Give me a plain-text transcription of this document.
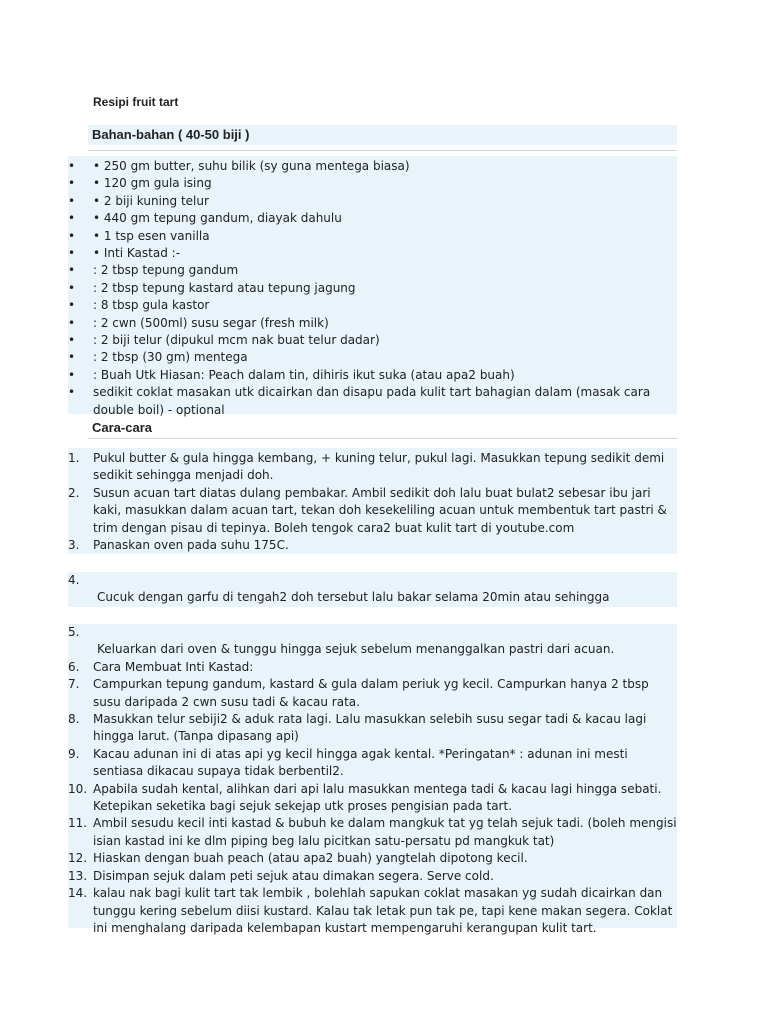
Resipi fruit tart
Bahan-bahan ( 40-50 biji )
•	• 250 gm butter, suhu bilik (sy guna mentega biasa)
•	• 120 gm gula ising
•	• 2 biji kuning telur
•	• 440 gm tepung gandum, diayak dahulu
•	• 1 tsp esen vanilla
•	• Inti Kastad :-
•	: 2 tbsp tepung gandum
•	: 2 tbsp tepung kastard atau tepung jagung
•	: 8 tbsp gula kastor
•	: 2 cwn (500ml) susu segar (fresh milk)
•	: 2 biji telur (dipukul mcm nak buat telur dadar)
•	: 2 tbsp (30 gm) mentega
•	: Buah Utk Hiasan: Peach dalam tin, dihiris ikut suka (atau apa2 buah)
•	sedikit coklat masakan utk dicairkan dan disapu pada kulit tart bahagian dalam (masak cara double boil) - optional
Cara-cara
1. Pukul butter & gula hingga kembang, + kuning telur, pukul lagi. Masukkan tepung sedikit demi sedikit sehingga menjadi doh.
2. Susun acuan tart diatas dulang pembakar. Ambil sedikit doh lalu buat bulat2 sebesar ibu jari kaki, masukkan dalam acuan tart, tekan doh kesekeliling acuan untuk membentuk tart pastri & trim dengan pisau di tepinya. Boleh tengok cara2 buat kulit tart di youtube.com
3. Panaskan oven pada suhu 175C.
4.
Cucuk dengan garfu di tengah2 doh tersebut lalu bakar selama 20min atau sehingga
5.
Keluarkan dari oven & tunggu hingga sejuk sebelum menanggalkan pastri dari acuan.
6. Cara Membuat Inti Kastad:
7. Campurkan tepung gandum, kastard & gula dalam periuk yg kecil. Campurkan hanya 2 tbsp susu daripada 2 cwn susu tadi & kacau rata.
8. Masukkan telur sebiji2 & aduk rata lagi. Lalu masukkan selebih susu segar tadi & kacau lagi hingga larut. (Tanpa dipasang api)
9. Kacau adunan ini di atas api yg kecil hingga agak kental. *Peringatan* : adunan ini mesti sentiasa dikacau supaya tidak berbentil2.
10. Apabila sudah kental, alihkan dari api lalu masukkan mentega tadi & kacau lagi hingga sebati. Ketepikan seketika bagi sejuk sekejap utk proses pengisian pada tart.
11. Ambil sesudu kecil inti kastad & bubuh ke dalam mangkuk tat yg telah sejuk tadi. (boleh mengisi isian kastad ini ke dlm piping beg lalu picitkan satu-persatu pd mangkuk tat)
12. Hiaskan dengan buah peach (atau apa2 buah) yangtelah dipotong kecil.
13. Disimpan sejuk dalam peti sejuk atau dimakan segera. Serve cold.
14. kalau nak bagi kulit tart tak lembik , bolehlah sapukan coklat masakan yg sudah dicairkan dan tunggu kering sebelum diisi kustard. Kalau tak letak pun tak pe, tapi kene makan segera. Coklat ini menghalang daripada kelembapan kustart mempengaruhi kerangupan kulit tart.
